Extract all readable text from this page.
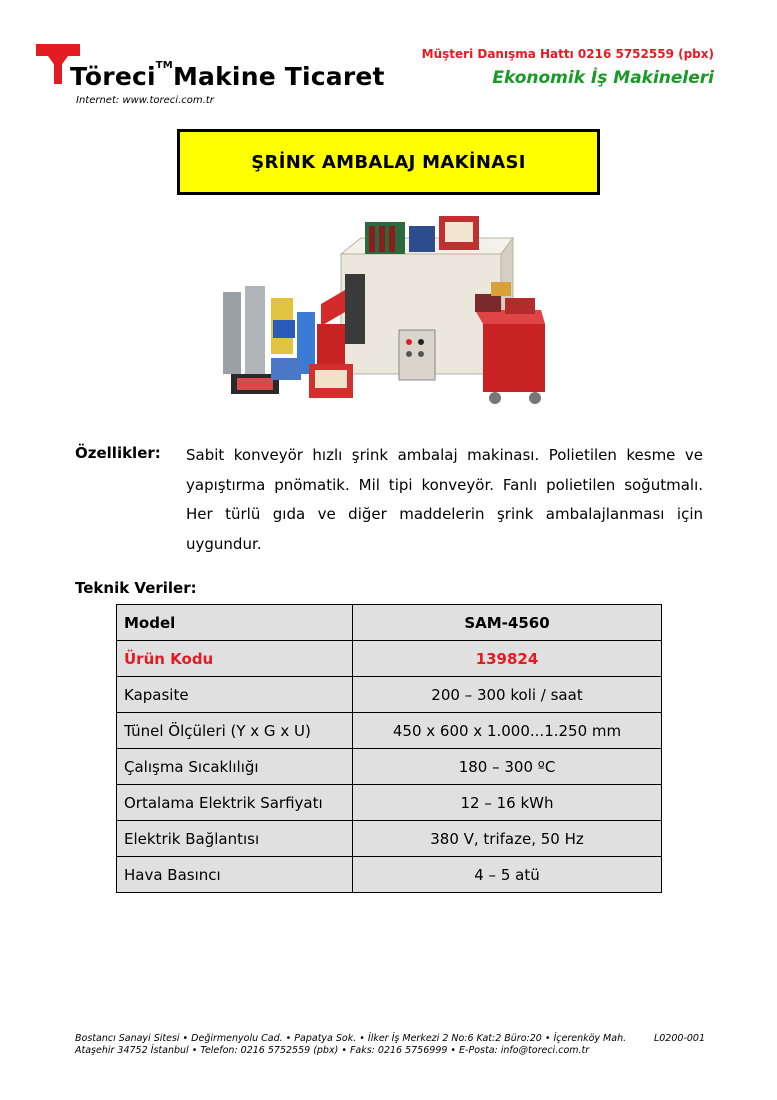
Töreci™Makine Ticaret
Internet: www.toreci.com.tr
Müşteri Danışma Hattı 0216 5752559 (pbx)
Ekonomik İş Makineleri
ŞRİNK AMBALAJ MAKİNASI
Özellikler: Sabit konveyör hızlı şrink ambalaj makinası. Polietilen kesme ve yapıştırma pnömatik. Mil tipi konveyör. Fanlı polietilen soğutmalı. Her türlü gıda ve diğer maddelerin şrink ambalajlanması için uygundur.
Teknik Veriler:
Model	SAM-4560
Ürün Kodu	139824
Kapasite	200 – 300 koli / saat
Tünel Ölçüleri (Y x G x U)	450 x 600 x 1.000...1.250 mm
Çalışma Sıcaklılığı	180 – 300 ºC
Ortalama Elektrik Sarfiyatı	12 – 16 kWh
Elektrik Bağlantısı	380 V, trifaze, 50 Hz
Hava Basıncı	4 – 5 atü
Bostancı Sanayi Sitesi • Değirmenyolu Cad. • Papatya Sok. • İlker İş Merkezi 2 No:6 Kat:2 Büro:20 • İçerenköy Mah.	L0200-001
Ataşehir 34752 İstanbul • Telefon: 0216 5752559 (pbx) • Faks: 0216 5756999 • E-Posta: info@toreci.com.tr
